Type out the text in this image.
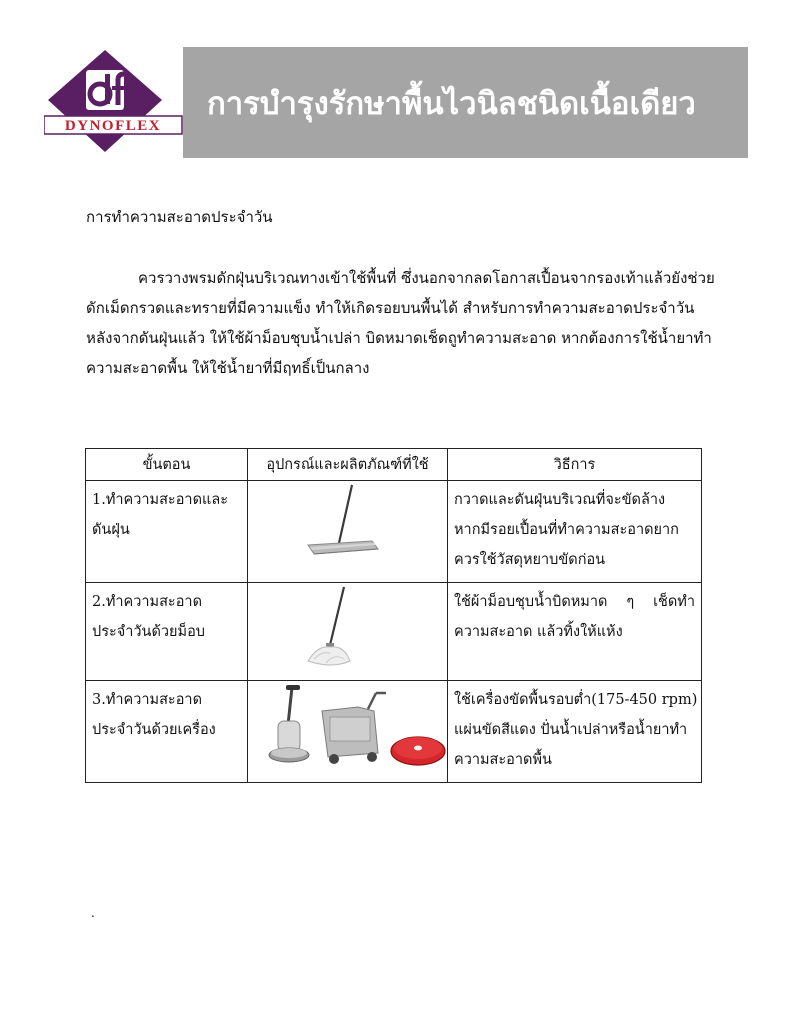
DYNOFLEX
การบำรุงรักษาพื้นไวนิลชนิดเนื้อเดียว
การทำความสะอาดประจำวัน

ควรวางพรมดักฝุ่นบริเวณทางเข้าใช้พื้นที่ ซึ่งนอกจากลดโอกาสเปื้อนจากรองเท้าแล้วยังช่วย
ดักเม็ดกรวดและทรายที่มีความแข็ง ทำให้เกิดรอยบนพื้นได้ สำหรับการทำความสะอาดประจำวัน
หลังจากดันฝุ่นแล้ว ให้ใช้ผ้าม็อบชุบน้ำเปล่า บิดหมาดเช็ดถูทำความสะอาด หากต้องการใช้น้ำยาทำ
ความสะอาดพื้น ให้ใช้น้ำยาที่มีฤทธิ์เป็นกลาง

ขั้นตอน	อุปกรณ์และผลิตภัณฑ์ที่ใช้	วิธีการ

1.ทำความสะอาดและ
ดันฝุ่น		กวาดและดันฝุ่นบริเวณที่จะขัดล้าง
หากมีรอยเปื้อนที่ทำความสะอาดยาก
ควรใช้วัสดุหยาบขัดก่อน

2.ทำความสะอาด
ประจำวันด้วยม็อบ		ใช้ผ้าม็อบชุบน้ำบิดหมาด ๆ เช็ดทำ
ความสะอาด แล้วทิ้งให้แห้ง

3.ทำความสะอาด
ประจำวันด้วยเครื่อง		ใช้เครื่องขัดพื้นรอบต่ำ(175-450 rpm)
แผ่นขัดสีแดง ปั่นน้ำเปล่าหรือน้ำยาทำ
ความสะอาดพื้น
.
